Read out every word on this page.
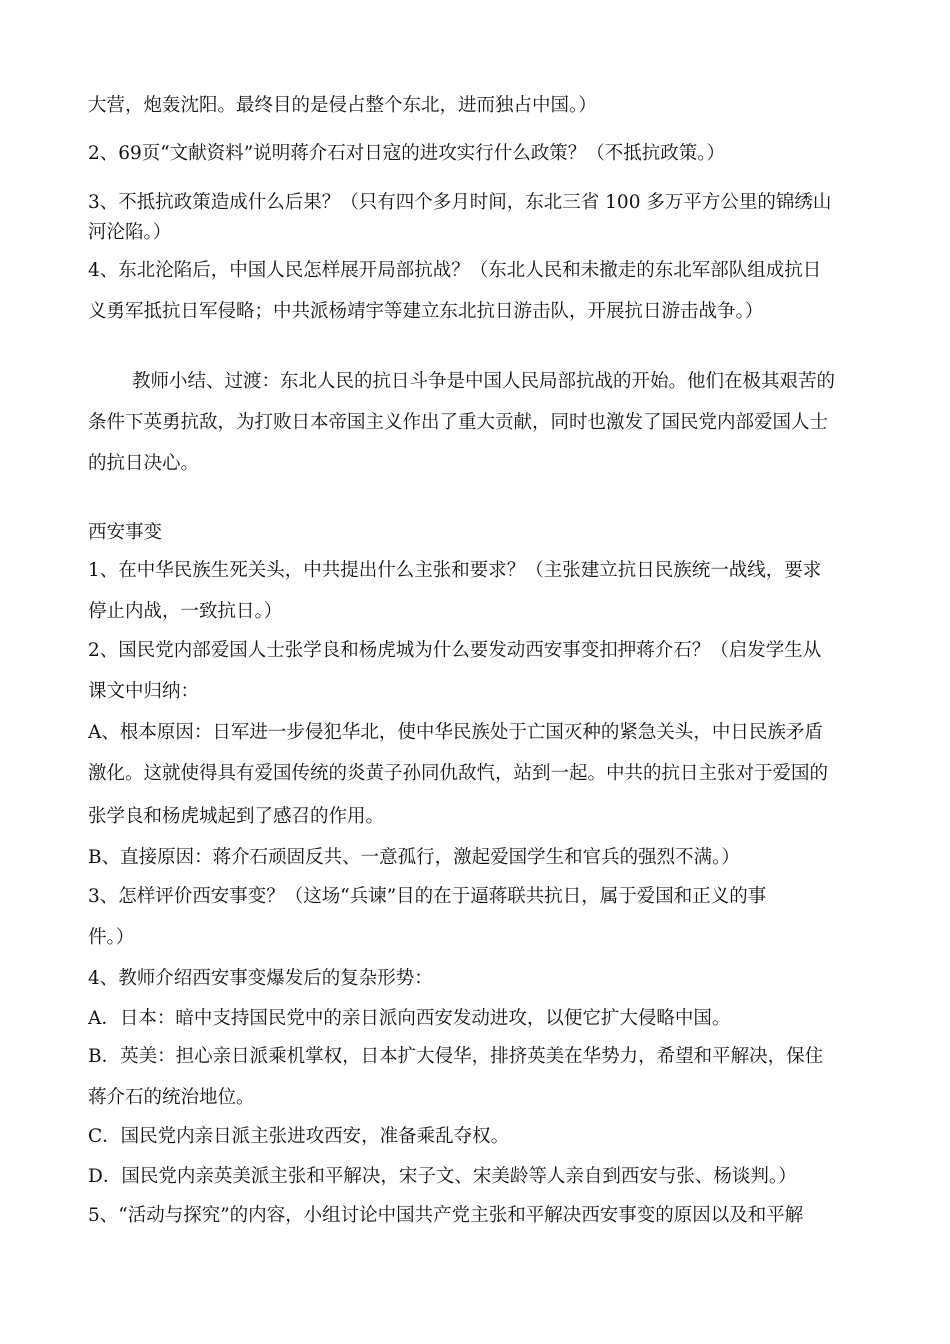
大营，炮轰沈阳。最终目的是侵占整个东北，进而独占中国。）
2、69页“文献资料”说明蒋介石对日寇的进攻实行什么政策？（不抵抗政策。）
3、不抵抗政策造成什么后果？（只有四个多月时间，东北三省 100 多万平方公里的锦绣山
河沦陷。）
4、东北沦陷后，中国人民怎样展开局部抗战？（东北人民和未撤走的东北军部队组成抗日
义勇军抵抗日军侵略；中共派杨靖宇等建立东北抗日游击队，开展抗日游击战争。）
教师小结、过渡：东北人民的抗日斗争是中国人民局部抗战的开始。他们在极其艰苦的
条件下英勇抗敌，为打败日本帝国主义作出了重大贡献，同时也激发了国民党内部爱国人士
的抗日决心。
西安事变
1、在中华民族生死关头，中共提出什么主张和要求？（主张建立抗日民族统一战线，要求
停止内战，一致抗日。）
2、国民党内部爱国人士张学良和杨虎城为什么要发动西安事变扣押蒋介石？（启发学生从
课文中归纳：
A、根本原因：日军进一步侵犯华北，使中华民族处于亡国灭种的紧急关头，中日民族矛盾
激化。这就使得具有爱国传统的炎黄子孙同仇敌忾，站到一起。中共的抗日主张对于爱国的
张学良和杨虎城起到了感召的作用。
B、直接原因：蒋介石顽固反共、一意孤行，激起爱国学生和官兵的强烈不满。）
3、怎样评价西安事变？（这场“兵谏”目的在于逼蒋联共抗日，属于爱国和正义的事
件。）
4、教师介绍西安事变爆发后的复杂形势：
A．日本：暗中支持国民党中的亲日派向西安发动进攻，以便它扩大侵略中国。
B．英美：担心亲日派乘机掌权，日本扩大侵华，排挤英美在华势力，希望和平解决，保住
蒋介石的统治地位。
C．国民党内亲日派主张进攻西安，准备乘乱夺权。
D．国民党内亲英美派主张和平解决，宋子文、宋美龄等人亲自到西安与张、杨谈判。）
5、“活动与探究”的内容，小组讨论中国共产党主张和平解决西安事变的原因以及和平解
